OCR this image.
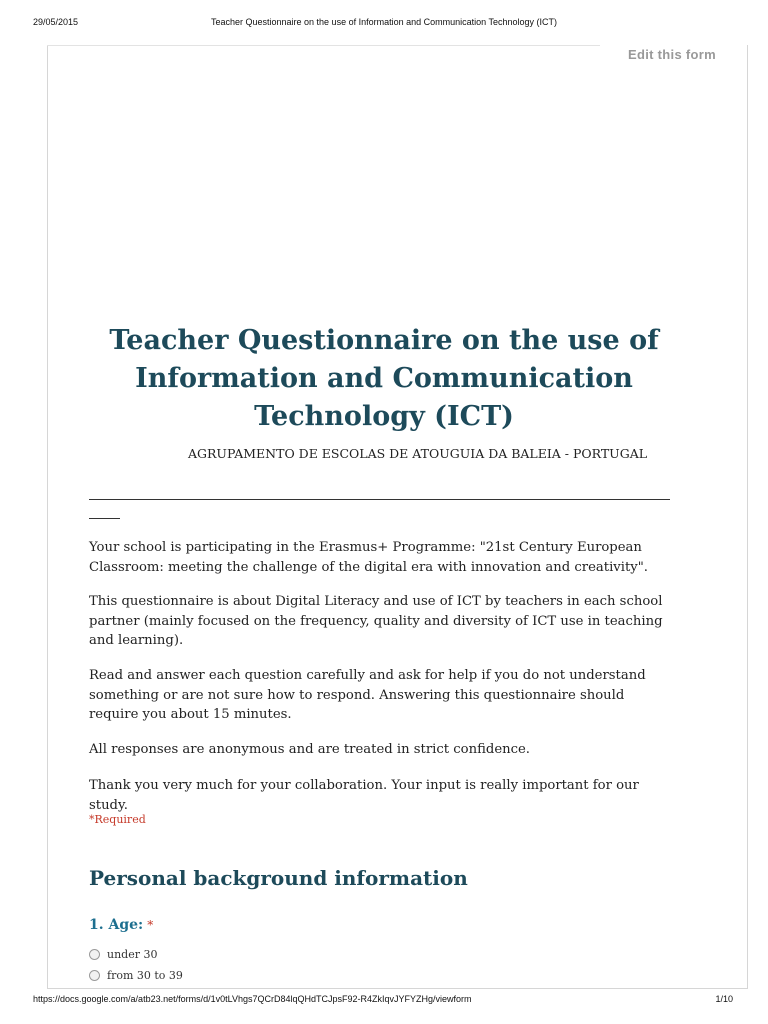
29/05/2015	Teacher Questionnaire on the use of Information and Communication Technology (ICT)
Edit this form
Teacher Questionnaire on the use of Information and Communication Technology (ICT)
AGRUPAMENTO DE ESCOLAS DE ATOUGUIA DA BALEIA - PORTUGAL

Your school is participating in the Erasmus+ Programme: "21st Century European Classroom: meeting the challenge of the digital era with innovation and creativity".

This questionnaire is about Digital Literacy and use of ICT by teachers in each school partner (mainly focused on the frequency, quality and diversity of ICT use in teaching and learning).

Read and answer each question carefully and ask for help if you do not understand something or are not sure how to respond. Answering this questionnaire should require you about 15 minutes.

All responses are anonymous and are treated in strict confidence.

Thank you very much for your collaboration. Your input is really important for our study.

*Required
Personal background information
1. Age: *
under 30
from 30 to 39
https://docs.google.com/a/atb23.net/forms/d/1v0tLVhgs7QCrD84lqQHdTCJpsF92-R4ZkIqvJYFYZHg/viewform	1/10
